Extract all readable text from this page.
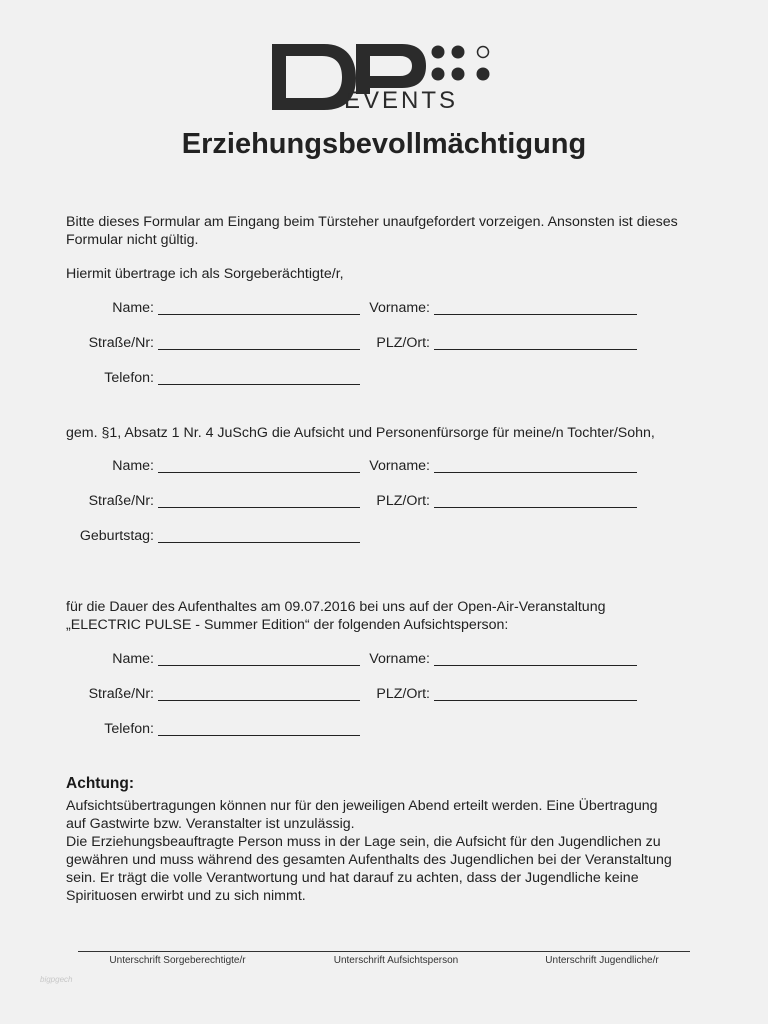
EVENTS
Erziehungsbevollmächtigung
Bitte dieses Formular am Eingang beim Türsteher unaufgefordert vorzeigen. Ansonsten ist dieses
Formular nicht gültig.
Hiermit übertrage ich als Sorgeberächtigte/r,
Name:	Vorname:
Straße/Nr:	PLZ/Ort:
Telefon:
gem. §1, Absatz 1 Nr. 4 JuSchG die Aufsicht und Personenfürsorge für meine/n Tochter/Sohn,
Name:	Vorname:
Straße/Nr:	PLZ/Ort:
Geburtstag:
für die Dauer des Aufenthaltes am 09.07.2016 bei uns auf der Open-Air-Veranstaltung
„ELECTRIC PULSE - Summer Edition“ der folgenden Aufsichtsperson:
Name:	Vorname:
Straße/Nr:	PLZ/Ort:
Telefon:
Achtung:
Aufsichtsübertragungen können nur für den jeweiligen Abend erteilt werden. Eine Übertragung
auf Gastwirte bzw. Veranstalter ist unzulässig.
Die Erziehungsbeauftragte Person muss in der Lage sein, die Aufsicht für den Jugendlichen zu
gewähren und muss während des gesamten Aufenthalts des Jugendlichen bei der Veranstaltung
sein. Er trägt die volle Verantwortung und hat darauf zu achten, dass der Jugendliche keine
Spirituosen erwirbt und zu sich nimmt.
Unterschrift Sorgeberechtigte/r	Unterschrift Aufsichtsperson	Unterschrift Jugendliche/r
bigpgech
